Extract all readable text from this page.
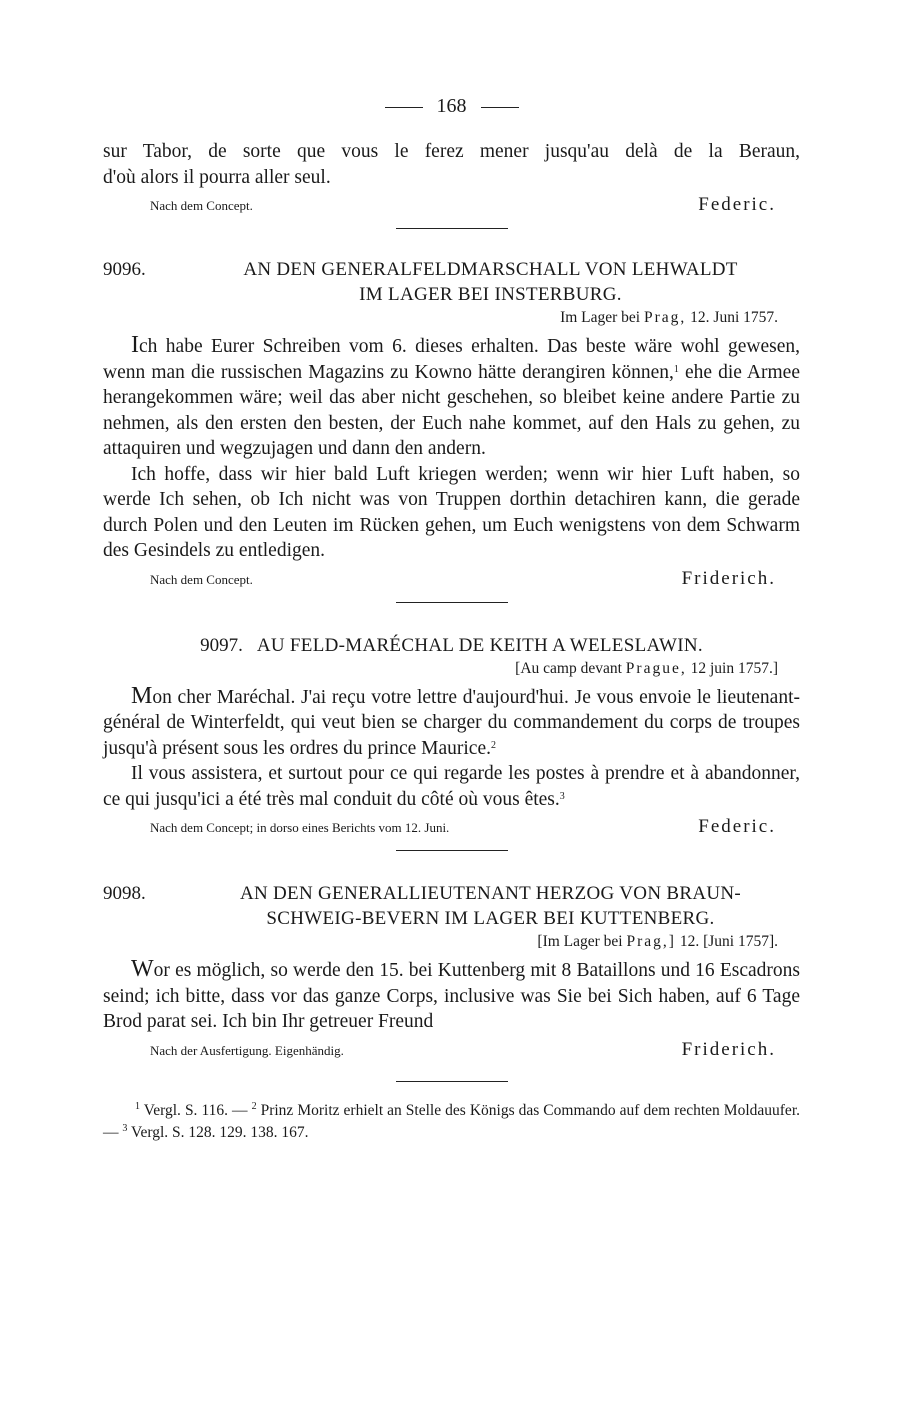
168

sur Tabor, de sorte que vous le ferez mener jusqu'au delà de la Beraun,

d'où alors il pourra aller seul.

Nach dem Concept.	Federic.
9096.	AN DEN GENERALFELDMARSCHALL VON LEHWALDT
IM LAGER BEI INSTERBURG.
Im Lager bei Prag, 12. Juni 1757.

Ich habe Eurer Schreiben vom 6. dieses erhalten. Das beste wäre wohl gewesen, wenn man die russischen Magazins zu Kowno hätte derangiren können,$^1$ ehe die Armee herangekommen wäre; weil das aber nicht geschehen, so bleibet keine andere Partie zu nehmen, als den ersten den besten, der Euch nahe kommet, auf den Hals zu gehen, zu attaquiren und wegzujagen und dann den andern.

Ich hoffe, dass wir hier bald Luft kriegen werden; wenn wir hier Luft haben, so werde Ich sehen, ob Ich nicht was von Truppen dorthin detachiren kann, die gerade durch Polen und den Leuten im Rücken gehen, um Euch wenigstens von dem Schwarm des Gesindels zu entledigen.

Nach dem Concept.	Friderich.
9097. AU FELD-MARÉCHAL DE KEITH A WELESLAWIN.
[Au camp devant Prague, 12 juin 1757.]

Mon cher Maréchal. J'ai reçu votre lettre d'aujourd'hui. Je vous envoie le lieutenant-général de Winterfeldt, qui veut bien se charger du commandement du corps de troupes jusqu'à présent sous les ordres du prince Maurice.$^2$

Il vous assistera, et surtout pour ce qui regarde les postes à prendre et à abandonner, ce qui jusqu'ici a été très mal conduit du côté où vous êtes.$^3$

Nach dem Concept; in dorso eines Berichts vom 12. Juni.	Federic.
9098.	AN DEN GENERALLIEUTENANT HERZOG VON BRAUN-
SCHWEIG-BEVERN IM LAGER BEI KUTTENBERG.
[Im Lager bei Prag,] 12. [Juni 1757].

Wor es möglich, so werde den 15. bei Kuttenberg mit 8 Bataillons und 16 Escadrons seind; ich bitte, dass vor das ganze Corps, inclusive was Sie bei Sich haben, auf 6 Tage Brod parat sei. Ich bin Ihr getreuer Freund

Nach der Ausfertigung. Eigenhändig.	Friderich.

$^1$ Vergl. S. 116. — $^2$ Prinz Moritz erhielt an Stelle des Königs das Commando auf dem rechten Moldauufer. — $^3$ Vergl. S. 128. 129. 138. 167.
